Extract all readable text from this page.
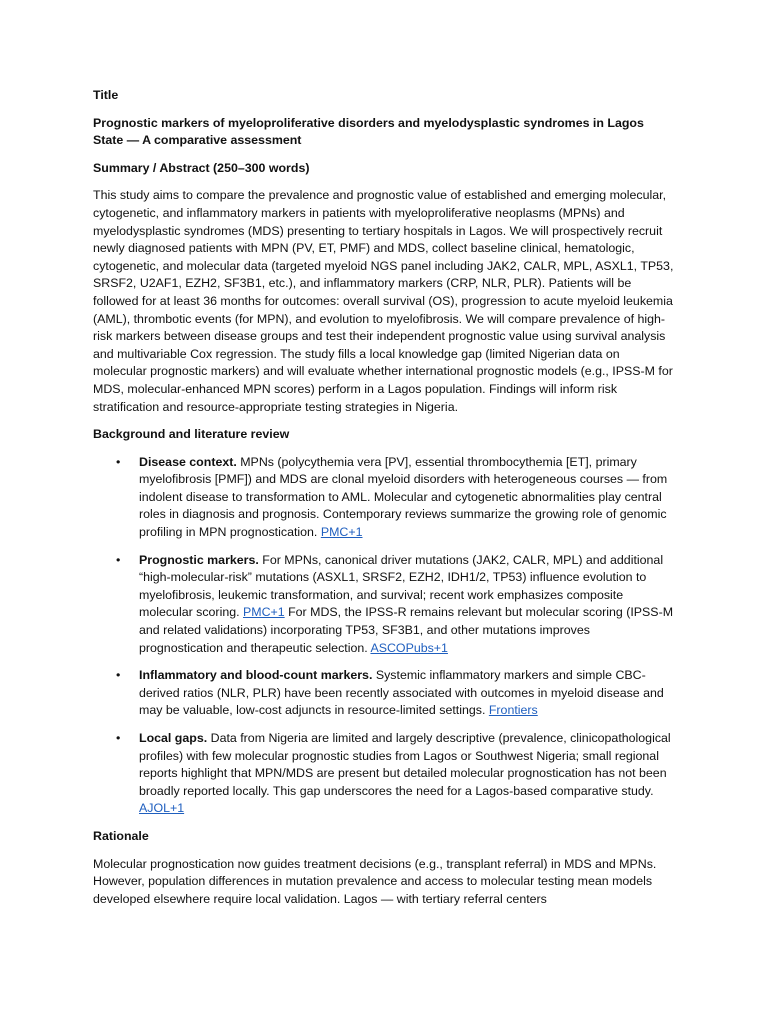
Title

Prognostic markers of myeloproliferative disorders and myelodysplastic syndromes in Lagos State — A comparative assessment

Summary / Abstract (250–300 words)

This study aims to compare the prevalence and prognostic value of established and emerging molecular, cytogenetic, and inflammatory markers in patients with myeloproliferative neoplasms (MPNs) and myelodysplastic syndromes (MDS) presenting to tertiary hospitals in Lagos. We will prospectively recruit newly diagnosed patients with MPN (PV, ET, PMF) and MDS, collect baseline clinical, hematologic, cytogenetic, and molecular data (targeted myeloid NGS panel including JAK2, CALR, MPL, ASXL1, TP53, SRSF2, U2AF1, EZH2, SF3B1, etc.), and inflammatory markers (CRP, NLR, PLR). Patients will be followed for at least 36 months for outcomes: overall survival (OS), progression to acute myeloid leukemia (AML), thrombotic events (for MPN), and evolution to myelofibrosis. We will compare prevalence of high-risk markers between disease groups and test their independent prognostic value using survival analysis and multivariable Cox regression. The study fills a local knowledge gap (limited Nigerian data on molecular prognostic markers) and will evaluate whether international prognostic models (e.g., IPSS-M for MDS, molecular-enhanced MPN scores) perform in a Lagos population. Findings will inform risk stratification and resource-appropriate testing strategies in Nigeria.

Background and literature review

• Disease context. MPNs (polycythemia vera [PV], essential thrombocythemia [ET], primary myelofibrosis [PMF]) and MDS are clonal myeloid disorders with heterogeneous courses — from indolent disease to transformation to AML. Molecular and cytogenetic abnormalities play central roles in diagnosis and prognosis. Contemporary reviews summarize the growing role of genomic profiling in MPN prognostication. PMC+1
• Prognostic markers. For MPNs, canonical driver mutations (JAK2, CALR, MPL) and additional “high-molecular-risk” mutations (ASXL1, SRSF2, EZH2, IDH1/2, TP53) influence evolution to myelofibrosis, leukemic transformation, and survival; recent work emphasizes composite molecular scoring. PMC+1 For MDS, the IPSS-R remains relevant but molecular scoring (IPSS-M and related validations) incorporating TP53, SF3B1, and other mutations improves prognostication and therapeutic selection. ASCOPubs+1
• Inflammatory and blood-count markers. Systemic inflammatory markers and simple CBC-derived ratios (NLR, PLR) have been recently associated with outcomes in myeloid disease and may be valuable, low-cost adjuncts in resource-limited settings. Frontiers
• Local gaps. Data from Nigeria are limited and largely descriptive (prevalence, clinicopathological profiles) with few molecular prognostic studies from Lagos or Southwest Nigeria; small regional reports highlight that MPN/MDS are present but detailed molecular prognostication has not been broadly reported locally. This gap underscores the need for a Lagos-based comparative study. AJOL+1

Rationale

Molecular prognostication now guides treatment decisions (e.g., transplant referral) in MDS and MPNs. However, population differences in mutation prevalence and access to molecular testing mean models developed elsewhere require local validation. Lagos — with tertiary referral centers
